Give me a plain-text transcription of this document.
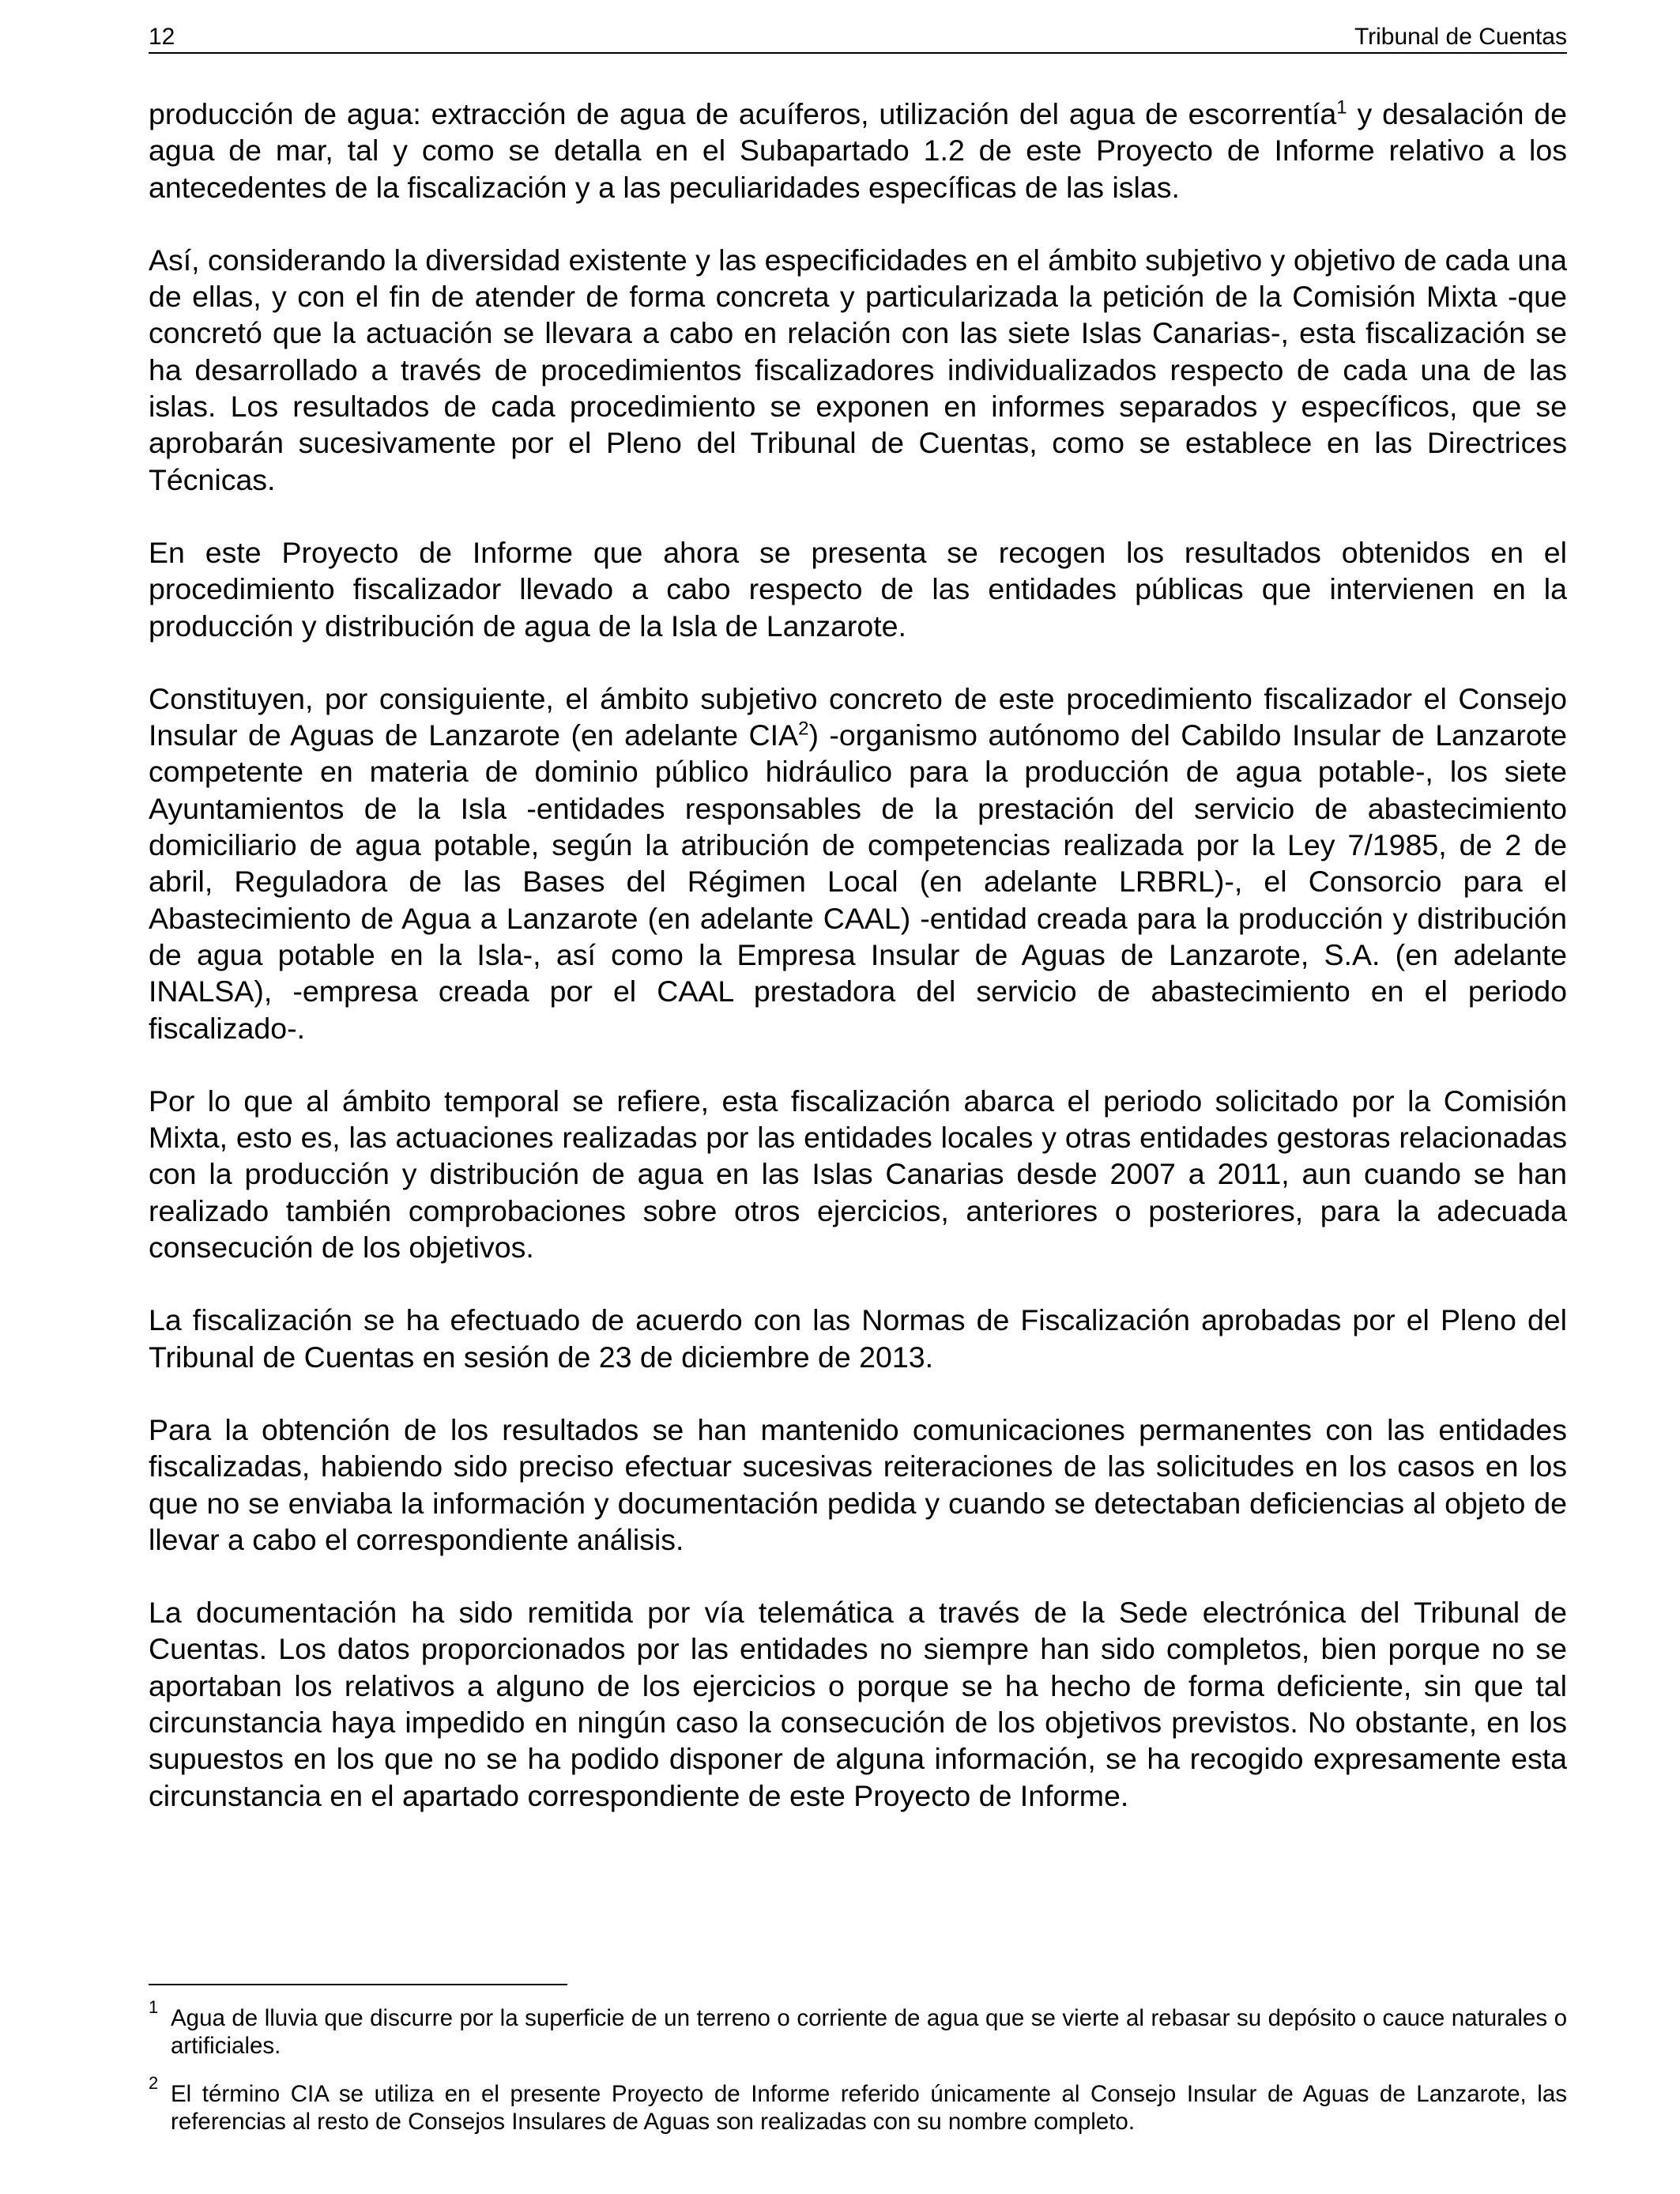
12	Tribunal de Cuentas

producción de agua: extracción de agua de acuíferos, utilización del agua de escorrentía$^1$ y desalación de agua de mar, tal y como se detalla en el Subapartado 1.2 de este Proyecto de Informe relativo a los antecedentes de la fiscalización y a las peculiaridades específicas de las islas.

Así, considerando la diversidad existente y las especificidades en el ámbito subjetivo y objetivo de cada una de ellas, y con el fin de atender de forma concreta y particularizada la petición de la Comisión Mixta -que concretó que la actuación se llevara a cabo en relación con las siete Islas Canarias-, esta fiscalización se ha desarrollado a través de procedimientos fiscalizadores individualizados respecto de cada una de las islas. Los resultados de cada procedimiento se exponen en informes separados y específicos, que se aprobarán sucesivamente por el Pleno del Tribunal de Cuentas, como se establece en las Directrices Técnicas.

En este Proyecto de Informe que ahora se presenta se recogen los resultados obtenidos en el procedimiento fiscalizador llevado a cabo respecto de las entidades públicas que intervienen en la producción y distribución de agua de la Isla de Lanzarote.

Constituyen, por consiguiente, el ámbito subjetivo concreto de este procedimiento fiscalizador el Consejo Insular de Aguas de Lanzarote (en adelante CIA$^2$) -organismo autónomo del Cabildo Insular de Lanzarote competente en materia de dominio público hidráulico para la producción de agua potable-, los siete Ayuntamientos de la Isla -entidades responsables de la prestación del servicio de abastecimiento domiciliario de agua potable, según la atribución de competencias realizada por la Ley 7/1985, de 2 de abril, Reguladora de las Bases del Régimen Local (en adelante LRBRL)-, el Consorcio para el Abastecimiento de Agua a Lanzarote (en adelante CAAL) -entidad creada para la producción y distribución de agua potable en la Isla-, así como la Empresa Insular de Aguas de Lanzarote, S.A. (en adelante INALSA), -empresa creada por el CAAL prestadora del servicio de abastecimiento en el periodo fiscalizado-.

Por lo que al ámbito temporal se refiere, esta fiscalización abarca el periodo solicitado por la Comisión Mixta, esto es, las actuaciones realizadas por las entidades locales y otras entidades gestoras relacionadas con la producción y distribución de agua en las Islas Canarias desde 2007 a 2011, aun cuando se han realizado también comprobaciones sobre otros ejercicios, anteriores o posteriores, para la adecuada consecución de los objetivos.

La fiscalización se ha efectuado de acuerdo con las Normas de Fiscalización aprobadas por el Pleno del Tribunal de Cuentas en sesión de 23 de diciembre de 2013.

Para la obtención de los resultados se han mantenido comunicaciones permanentes con las entidades fiscalizadas, habiendo sido preciso efectuar sucesivas reiteraciones de las solicitudes en los casos en los que no se enviaba la información y documentación pedida y cuando se detectaban deficiencias al objeto de llevar a cabo el correspondiente análisis.

La documentación ha sido remitida por vía telemática a través de la Sede electrónica del Tribunal de Cuentas. Los datos proporcionados por las entidades no siempre han sido completos, bien porque no se aportaban los relativos a alguno de los ejercicios o porque se ha hecho de forma deficiente, sin que tal circunstancia haya impedido en ningún caso la consecución de los objetivos previstos. No obstante, en los supuestos en los que no se ha podido disponer de alguna información, se ha recogido expresamente esta circunstancia en el apartado correspondiente de este Proyecto de Informe.

1 Agua de lluvia que discurre por la superficie de un terreno o corriente de agua que se vierte al rebasar su depósito o cauce naturales o artificiales.
2 El término CIA se utiliza en el presente Proyecto de Informe referido únicamente al Consejo Insular de Aguas de Lanzarote, las referencias al resto de Consejos Insulares de Aguas son realizadas con su nombre completo.
